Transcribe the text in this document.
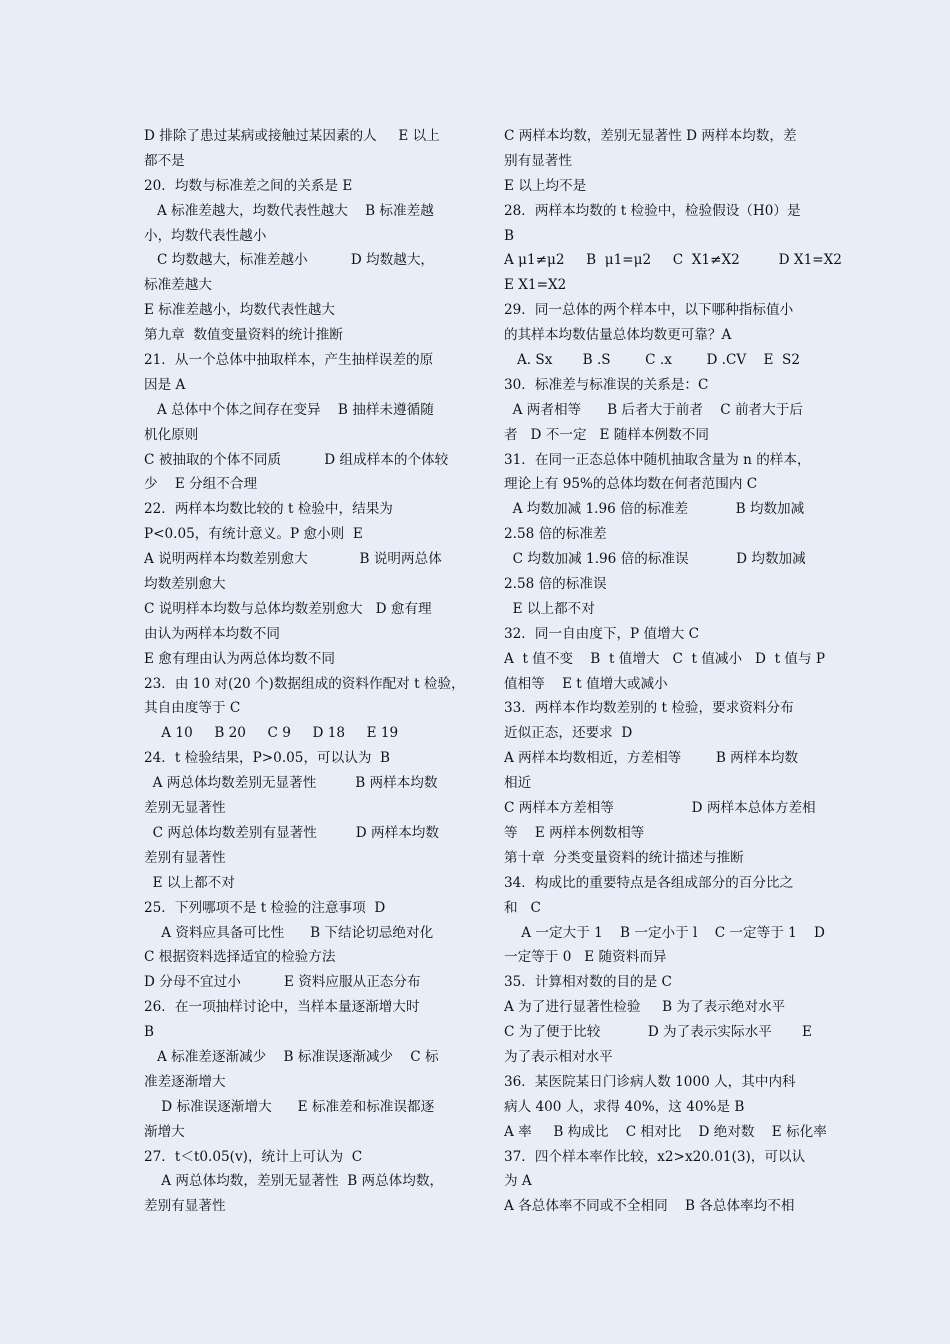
D 排除了患过某病或接触过某因素的人     E 以上
都不是
20．均数与标准差之间的关系是 E
A 标准差越大，均数代表性越大    B 标准差越
小，均数代表性越小
C 均数越大，标准差越小          D 均数越大，
标准差越大
E 标准差越小，均数代表性越大
第九章  数值变量资料的统计推断
21．从一个总体中抽取样本，产生抽样误差的原
因是 A
A 总体中个体之间存在变异    B 抽样未遵循随
机化原则
C 被抽取的个体不同质          D 组成样本的个体较
少    E 分组不合理
22．两样本均数比较的 t 检验中，结果为
P<0.05，有统计意义。P 愈小则  E
A 说明两样本均数差别愈大            B 说明两总体
均数差别愈大
C 说明样本均数与总体均数差别愈大   D 愈有理
由认为两样本均数不同
E 愈有理由认为两总体均数不同
23．由 10 对(20 个)数据组成的资料作配对 t 检验，
其自由度等于 C
A 10     B 20     C 9     D 18     E 19
24．t 检验结果，P>0.05，可以认为  B
A 两总体均数差别无显著性         B 两样本均数
差别无显著性
C 两总体均数差别有显著性         D 两样本均数
差别有显著性
E 以上都不对
25．下列哪项不是 t 检验的注意事项  D
A 资料应具备可比性      B 下结论切忌绝对化
C 根据资料选择适宜的检验方法
D 分母不宜过小          E 资料应服从正态分布
26．在一项抽样讨论中，当样本量逐渐增大时
B
A 标准差逐渐减少    B 标准误逐渐减少    C 标
准差逐渐增大
D 标准误逐渐增大      E 标准差和标准误都逐
渐增大
27．t＜t0.05(v)，统计上可认为  C
A 两总体均数，差别无显著性  B 两总体均数，
差别有显著性
C 两样本均数，差别无显著性 D 两样本均数，差
别有显著性
E 以上均不是
28．两样本均数的 t 检验中，检验假设（H0）是
B
A μ1≠μ2     B  μ1=μ2     C  X1≠X2         D X1=X2
E X1=X2
29．同一总体的两个样本中，以下哪种指标值小
的其样本均数估量总体均数更可靠？A
A. Sx       B .S        C .x        D .CV    E  S2
30．标准差与标准误的关系是：C
A 两者相等      B 后者大于前者    C 前者大于后
者   D 不一定   E 随样本例数不同
31．在同一正态总体中随机抽取含量为 n 的样本，
理论上有 95%的总体均数在何者范围内 C
A 均数加减 1.96 倍的标准差           B 均数加减
2.58 倍的标准差
C 均数加减 1.96 倍的标准误           D 均数加减
2.58 倍的标准误
E 以上都不对
32．同一自由度下，P 值增大 C
A  t 值不变    B  t 值增大   C  t 值减小   D  t 值与 P
值相等    E t 值增大或减小
33．两样本作均数差别的 t 检验，要求资料分布
近似正态，还要求  D
A 两样本均数相近，方差相等        B 两样本均数
相近
C 两样本方差相等                  D 两样本总体方差相
等    E 两样本例数相等
第十章  分类变量资料的统计描述与推断
34．构成比的重要特点是各组成部分的百分比之
和   C
A 一定大于 1    B 一定小于 l    C 一定等于 1    D
一定等于 0   E 随资料而异
35．计算相对数的目的是 C
A 为了进行显著性检验     B 为了表示绝对水平
C 为了便于比较           D 为了表示实际水平       E
为了表示相对水平
36．某医院某日门诊病人数 1000 人，其中内科
病人 400 人，求得 40%，这 40%是 B
A 率     B 构成比    C 相对比    D 绝对数    E 标化率
37．四个样本率作比较，x2>x20.01(3)，可以认
为 A
A 各总体率不同或不全相同    B 各总体率均不相
